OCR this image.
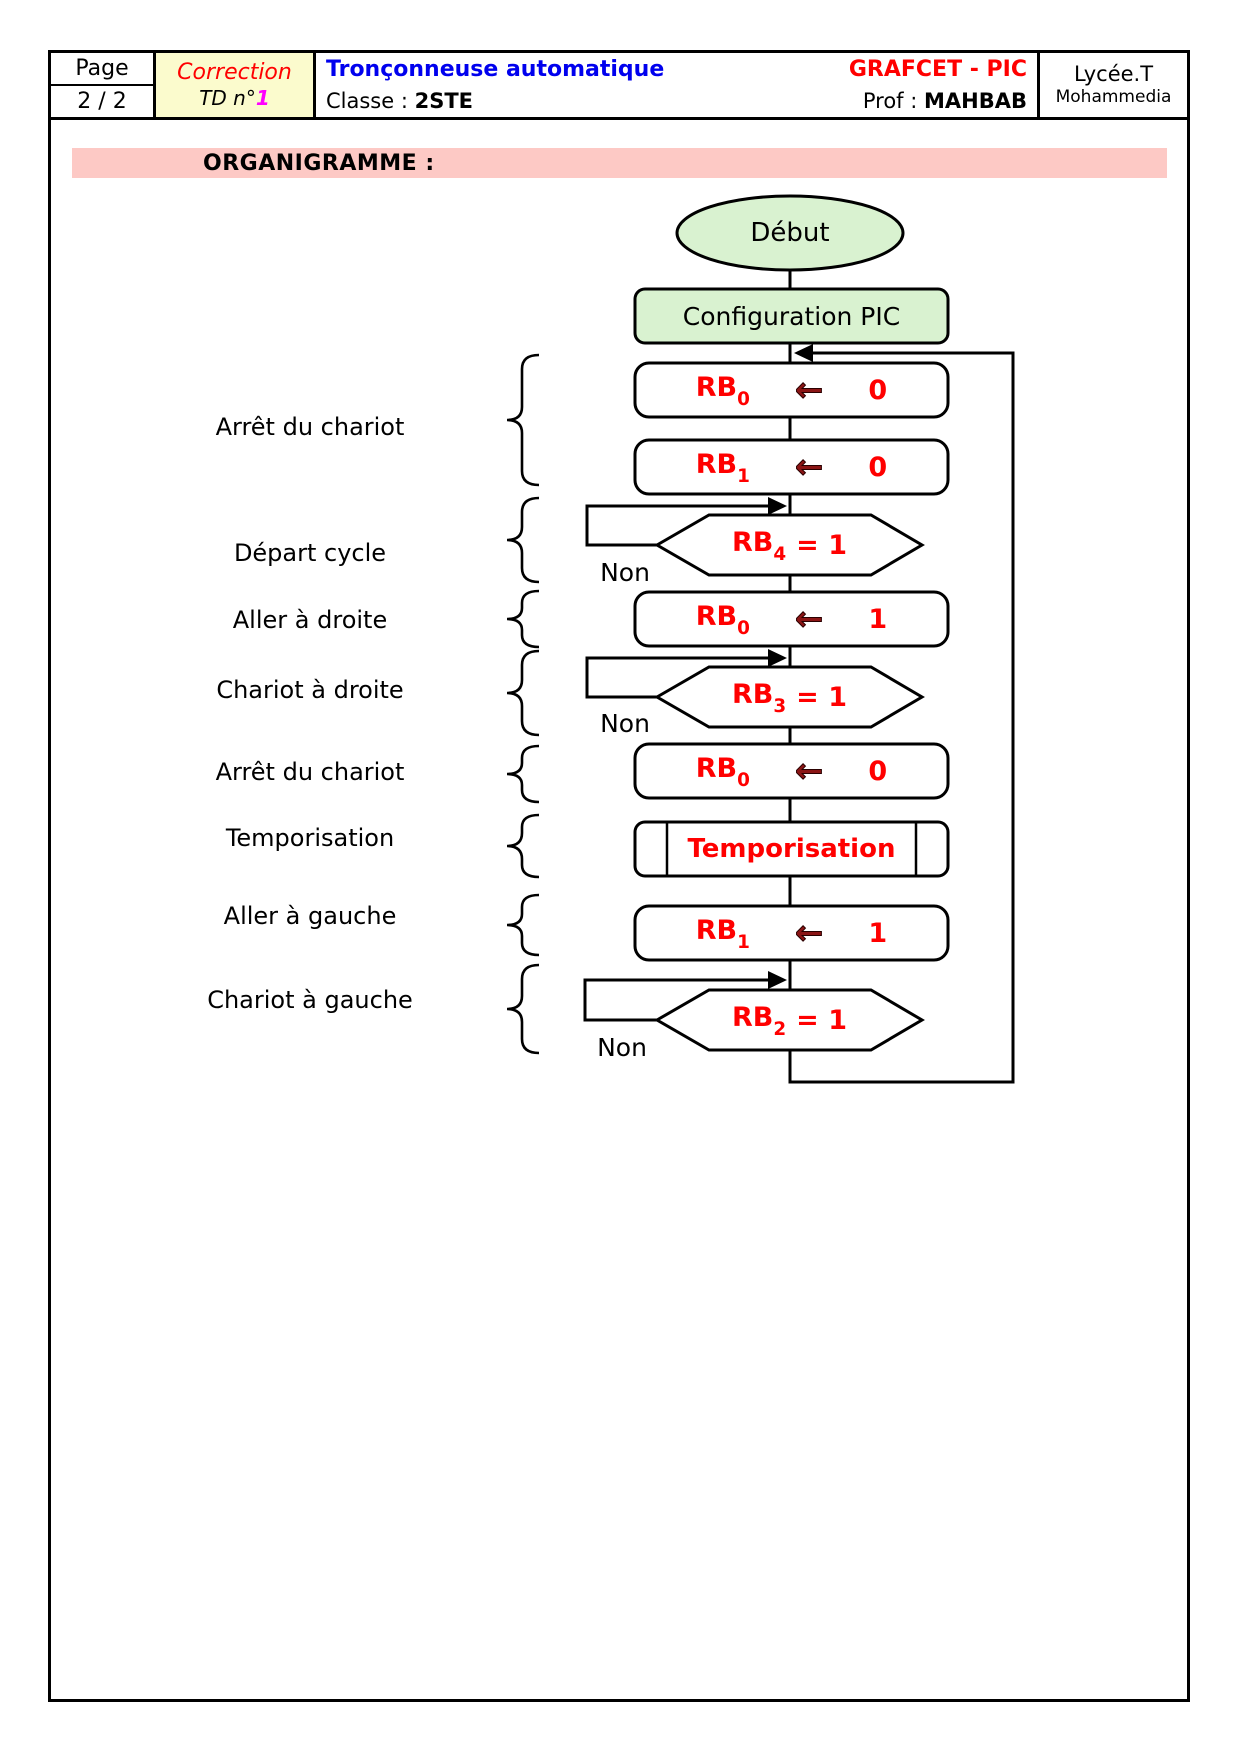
Page
2 / 2
Correction
TD n°1
Tronçonneuse automatique
Classe : 2STE
GRAFCET - PIC
Prof : MAHBAB
Lycée.T
Mohammedia
ORGANIGRAMME :
Début
Configuration PIC
$RB_0$ ← 0
$RB_1$ ← 0
$RB_0$ ← 1
$RB_0$ ← 0
$RB_1$ ← 1
$RB_4 = 1$
$RB_3 = 1$
$RB_2 = 1$
Temporisation
Non
Non
Non
Arrêt du chariot
Départ cycle
Aller à droite
Chariot à droite
Arrêt du chariot
Temporisation
Aller à gauche
Chariot à gauche
